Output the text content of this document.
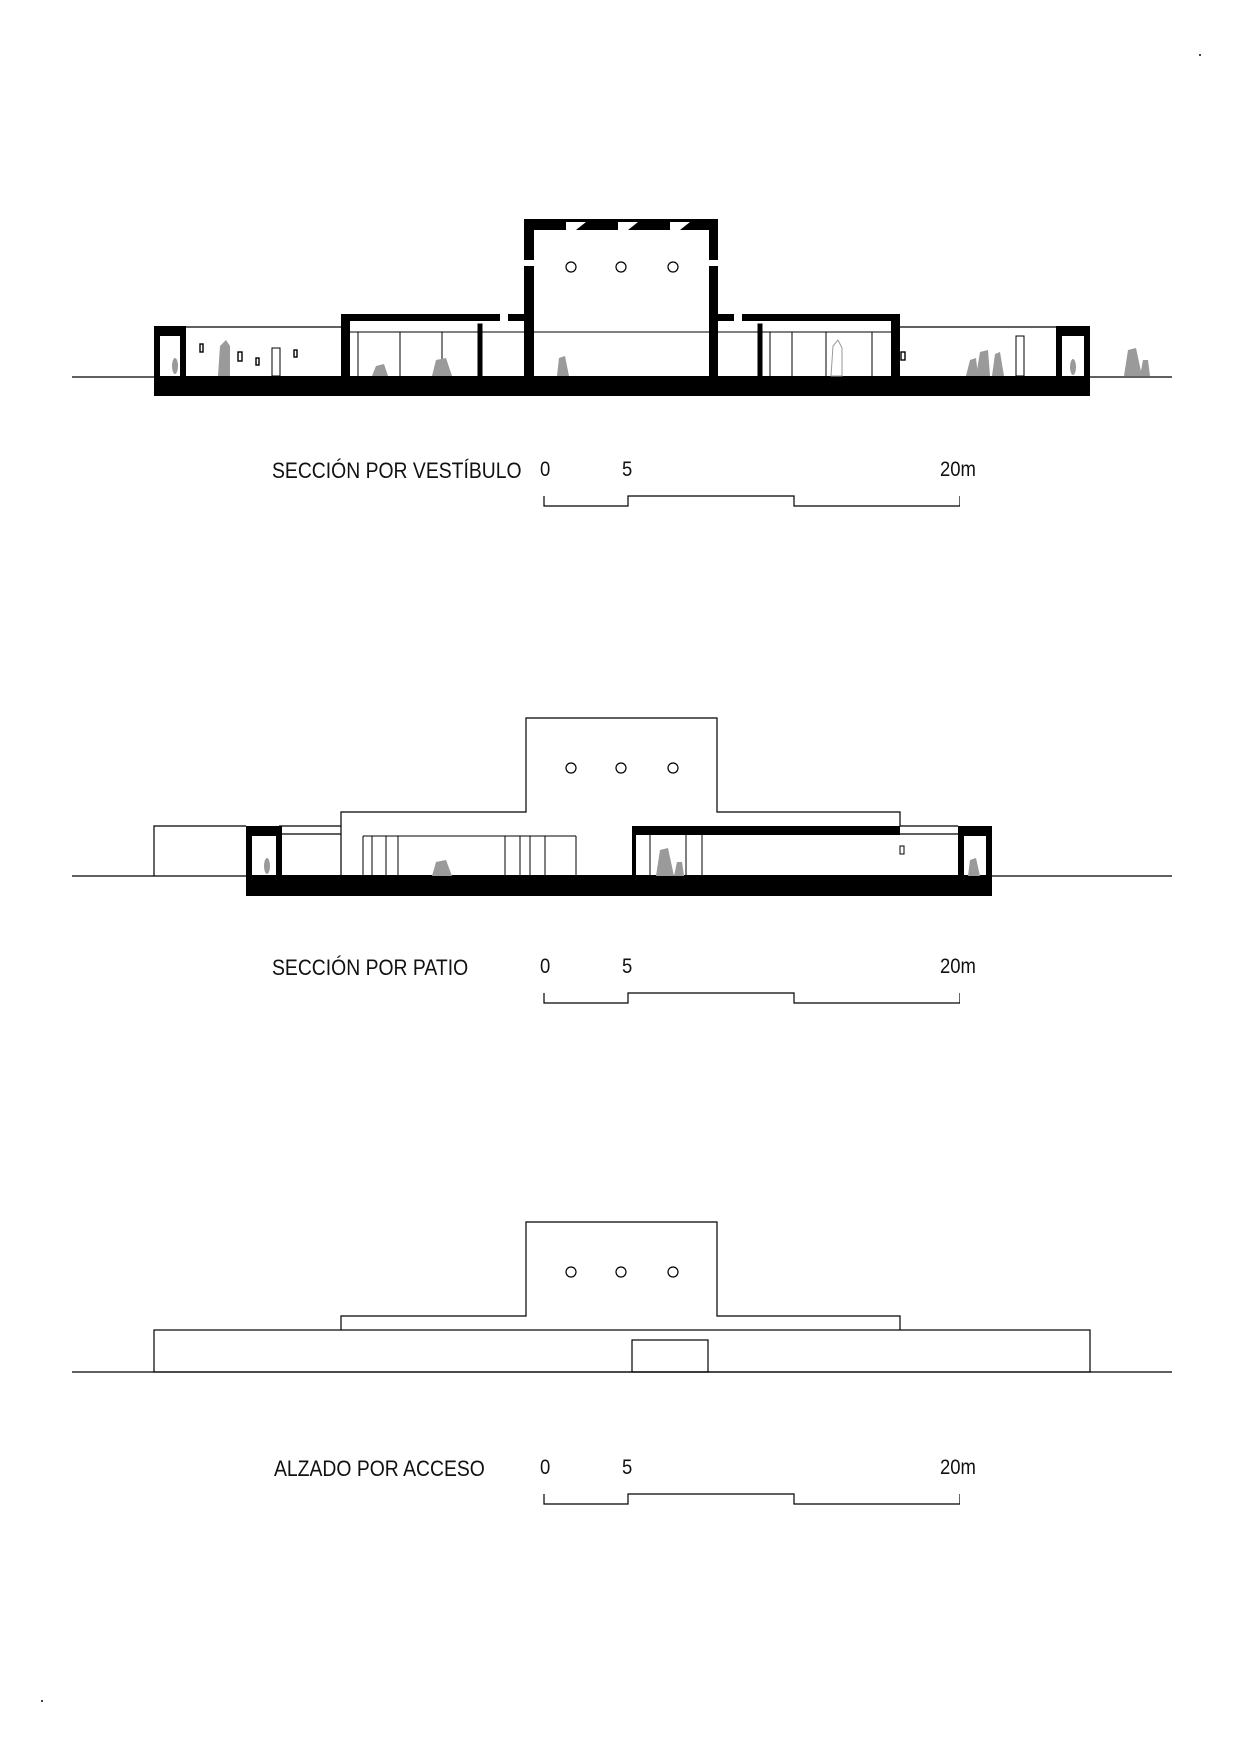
SECCIÓN POR VESTÍBULO 0	5	20m
SECCIÓN POR PATIO	0	5	20m
ALZADO POR ACCESO	0	5	20m
